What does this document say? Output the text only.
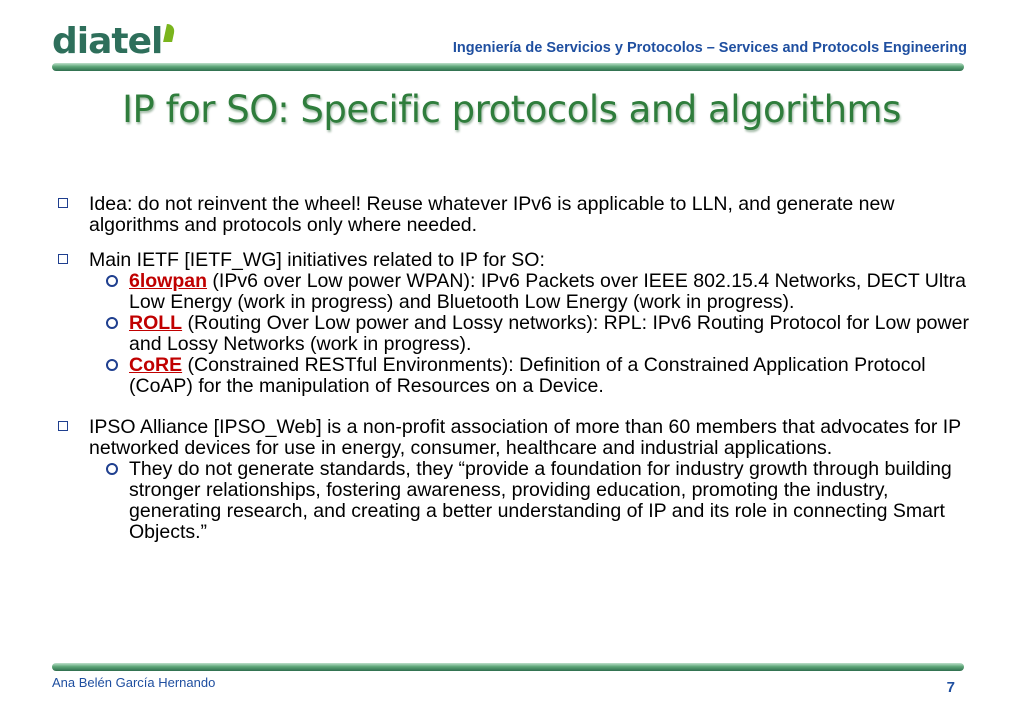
diatel	Ingeniería de Servicios y Protocolos – Services and Protocols Engineering
IP for SO: Specific protocols and algorithms
Idea: do not reinvent the wheel! Reuse whatever IPv6 is applicable to LLN, and generate new algorithms and protocols only where needed.
Main IETF [IETF_WG] initiatives related to IP for SO:
6lowpan (IPv6 over Low power WPAN): IPv6 Packets over IEEE 802.15.4 Networks, DECT Ultra Low Energy (work in progress) and Bluetooth Low Energy (work in progress).
ROLL (Routing Over Low power and Lossy networks): RPL: IPv6 Routing Protocol for Low power and Lossy Networks (work in progress).
CoRE (Constrained RESTful Environments): Definition of a Constrained Application Protocol (CoAP) for the manipulation of Resources on a Device.
IPSO Alliance [IPSO_Web] is a non-profit association of more than 60 members that advocates for IP networked devices for use in energy, consumer, healthcare and industrial applications.
They do not generate standards, they “provide a foundation for industry growth through building stronger relationships, fostering awareness, providing education, promoting the industry, generating research, and creating a better understanding of IP and its role in connecting Smart Objects.”
Ana Belén García Hernando	7
